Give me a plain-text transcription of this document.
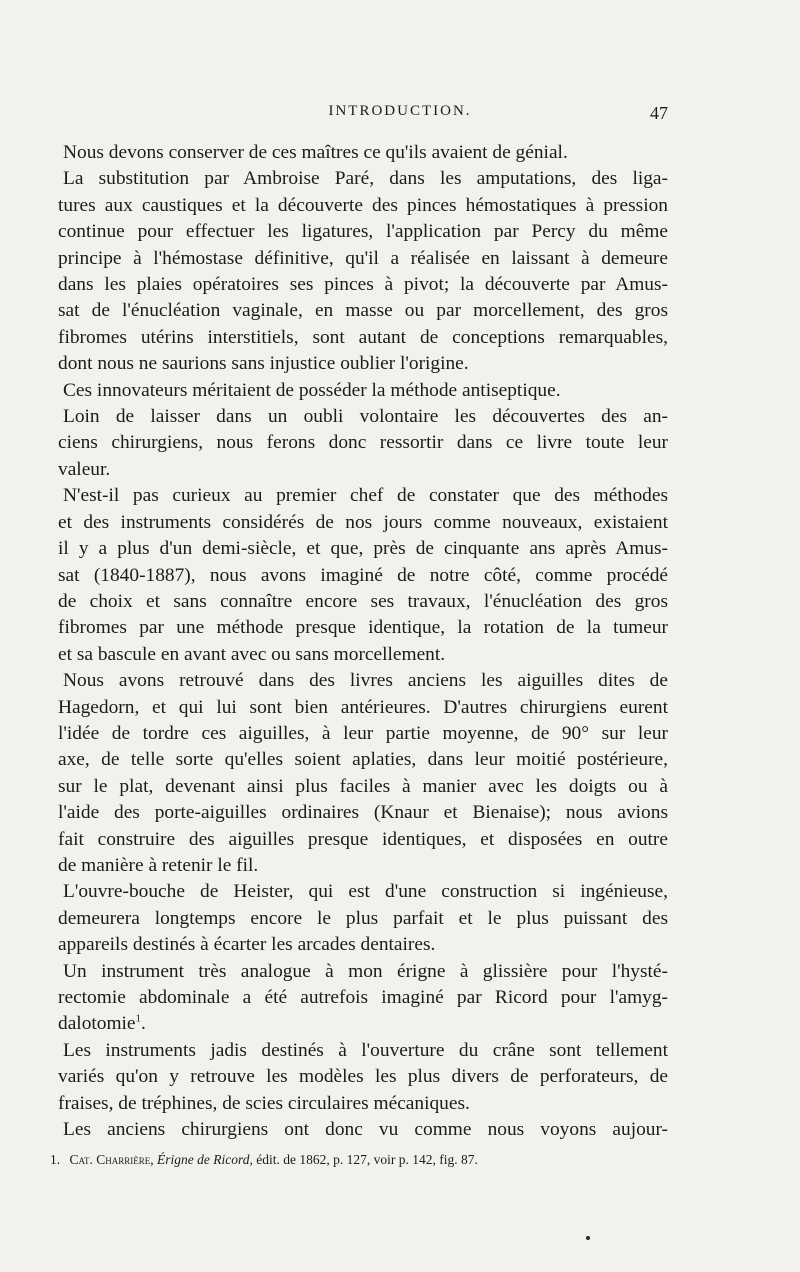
INTRODUCTION.	47

Nous devons conserver de ces maîtres ce qu'ils avaient de génial.

La substitution par Ambroise Paré, dans les amputations, des liga-
tures aux caustiques et la découverte des pinces hémostatiques à pression
continue pour effectuer les ligatures, l'application par Percy du même
principe à l'hémostase définitive, qu'il a réalisée en laissant à demeure
dans les plaies opératoires ses pinces à pivot; la découverte par Amus-
sat de l'énucléation vaginale, en masse ou par morcellement, des gros
fibromes utérins interstitiels, sont autant de conceptions remarquables,
dont nous ne saurions sans injustice oublier l'origine.

Ces innovateurs méritaient de posséder la méthode antiseptique.

Loin de laisser dans un oubli volontaire les découvertes des an-
ciens chirurgiens, nous ferons donc ressortir dans ce livre toute leur
valeur.

N'est-il pas curieux au premier chef de constater que des méthodes
et des instruments considérés de nos jours comme nouveaux, existaient
il y a plus d'un demi-siècle, et que, près de cinquante ans après Amus-
sat (1840-1887), nous avons imaginé de notre côté, comme procédé
de choix et sans connaître encore ses travaux, l'énucléation des gros
fibromes par une méthode presque identique, la rotation de la tumeur
et sa bascule en avant avec ou sans morcellement.

Nous avons retrouvé dans des livres anciens les aiguilles dites de
Hagedorn, et qui lui sont bien antérieures. D'autres chirurgiens eurent
l'idée de tordre ces aiguilles, à leur partie moyenne, de 90° sur leur
axe, de telle sorte qu'elles soient aplaties, dans leur moitié postérieure,
sur le plat, devenant ainsi plus faciles à manier avec les doigts ou à
l'aide des porte-aiguilles ordinaires (Knaur et Bienaise); nous avions
fait construire des aiguilles presque identiques, et disposées en outre
de manière à retenir le fil.

L'ouvre-bouche de Heister, qui est d'une construction si ingénieuse,
demeurera longtemps encore le plus parfait et le plus puissant des
appareils destinés à écarter les arcades dentaires.

Un instrument très analogue à mon érigne à glissière pour l'hysté-
rectomie abdominale a été autrefois imaginé par Ricord pour l'amyg-
dalotomie$^1$.

Les instruments jadis destinés à l'ouverture du crâne sont tellement
variés qu'on y retrouve les modèles les plus divers de perforateurs, de
fraises, de tréphines, de scies circulaires mécaniques.

Les anciens chirurgiens ont donc vu comme nous voyons aujour-

1. Cat. Charrière, Érigne de Ricord, édit. de 1862, p. 127, voir p. 142, fig. 87.
